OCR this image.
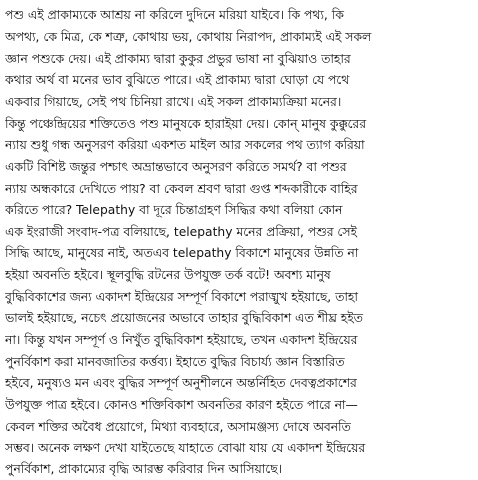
পশু এই প্রাকাম্যকে আশ্রয় না করিলে দুদিনে মরিয়া যাইবে। কি পথ্য, কি
অপথ্য, কে মিত্র, কে শত্রু, কোথায় ভয়, কোথায় নিরাপদ, প্রাকাম্যই এই সকল
জ্ঞান পশুকে দেয়। এই প্রাকাম্য দ্বারা কুকুর প্রভুর ভাষা না বুঝিয়াও তাহার
কথার অর্থ বা মনের ভাব বুঝিতে পারে। এই প্রাকাম্য দ্বারা ঘোড়া যে পথে
একবার গিয়াছে, সেই পথ চিনিয়া রাখে। এই সকল প্রাকাম্যক্রিয়া মনের।
কিন্তু পঞ্চেন্দ্রিয়ের শক্তিতেও পশু মানুষকে হারাইয়া দেয়। কোন্ মানুষ কুক্কুরের
ন্যায় শুধু গন্ধ অনুসরণ করিয়া একশত মাইল আর সকলের পথ ত্যাগ করিয়া
একটি বিশিষ্ট জন্তুর পশ্চাৎ অভ্রান্তভাবে অনুসরণ করিতে সমর্থ? বা পশুর
ন্যায় অন্ধকারে দেখিতে পায়? বা কেবল শ্রবণ দ্বারা গুপ্ত শব্দকারীকে বাহির
করিতে পারে? Telepathy বা দূরে চিন্তাগ্রহণ সিদ্ধির কথা বলিয়া কোন
এক ইংরাজী সংবাদ-পত্র বলিয়াছে, telepathy মনের প্রক্রিয়া, পশুর সেই
সিদ্ধি আছে, মানুষের নাই, অতএব telepathy বিকাশে মানুষের উন্নতি না
হইয়া অবনতি হইবে। স্থূলবুদ্ধি রটনের উপযুক্ত তর্ক বটে! অবশ্য মানুষ
বুদ্ধিবিকাশের জন্য একাদশ ইন্দ্রিয়ের সম্পূর্ণ বিকাশে পরাঙ্মুখ হইয়াছে, তাহা
ভালই হইয়াছে, নচেৎ প্রয়োজনের অভাবে তাহার বুদ্ধিবিকাশ এত শীঘ্র হইত
না। কিন্তু যখন সম্পূর্ণ ও নিখুঁত বুদ্ধিবিকাশ হইয়াছে, তখন একাদশ ইন্দ্রিয়ের
পুনর্বিকাশ করা মানবজাতির কর্ত্তব্য। ইহাতে বুদ্ধির বিচার্য্য জ্ঞান বিস্তারিত
হইবে, মনুষ্যও মন এবং বুদ্ধির সম্পূর্ণ অনুশীলনে অন্তর্নিহিত দেবত্বপ্রকাশের
উপযুক্ত পাত্র হইবে। কোনও শক্তিবিকাশ অবনতির কারণ হইতে পারে না—
কেবল শক্তির অবৈধ প্রয়োগে, মিথ্যা ব্যবহারে, অসামঞ্জস্য দোষে অবনতি
সম্ভব। অনেক লক্ষণ দেখা যাইতেছে যাহাতে বোঝা যায় যে একাদশ ইন্দ্রিয়ের
পুনর্বিকাশ, প্রাকাম্যের বৃদ্ধি আরম্ভ করিবার দিন আসিয়াছে।
